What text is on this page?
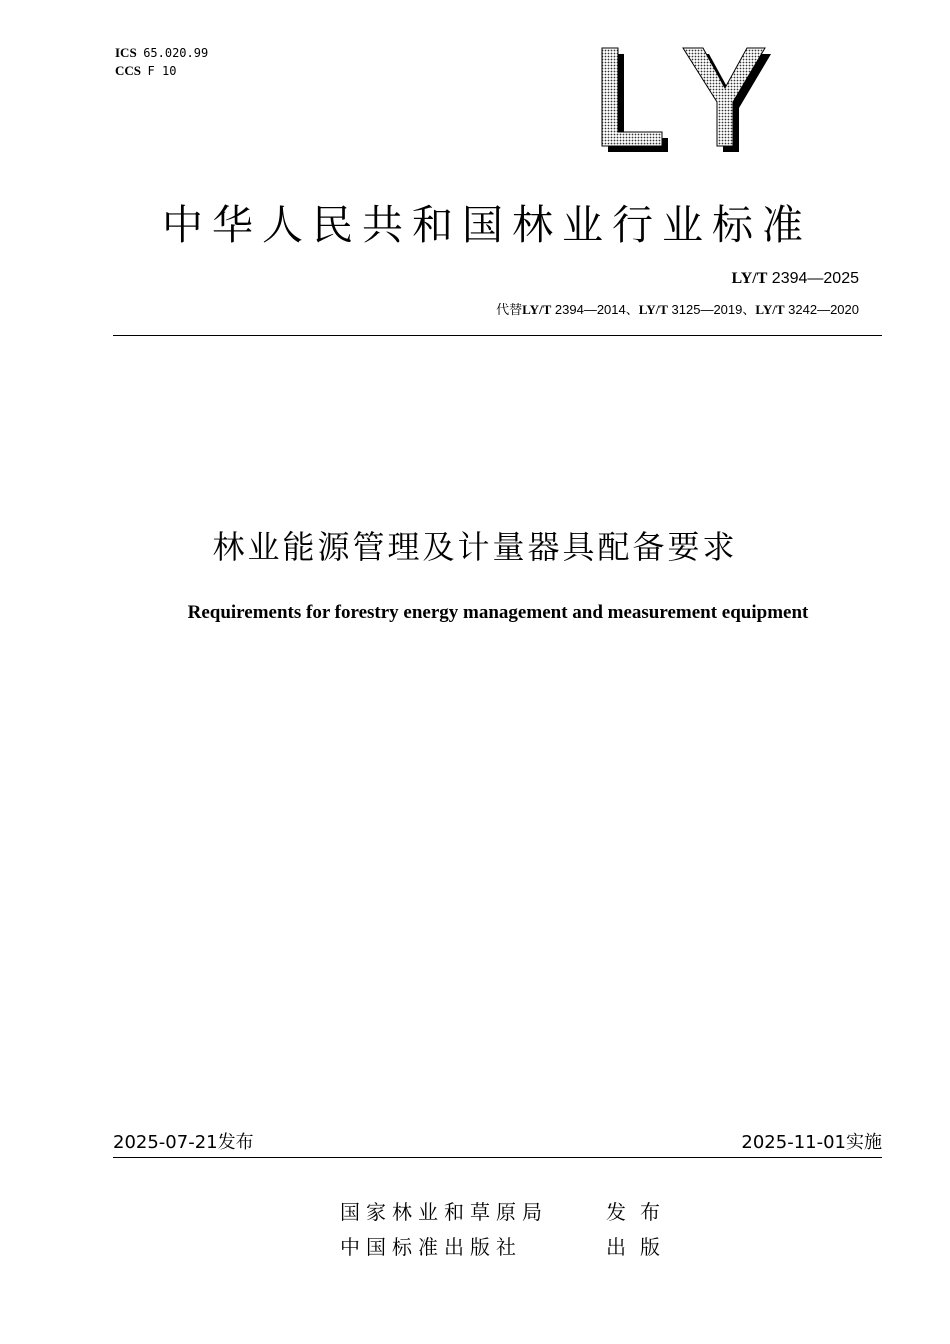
ICS 65.020.99
CCS F 10
中华人民共和国林业行业标准
LY/T 2394—2025
代替LY/T 2394—2014、LY/T 3125—2019、LY/T 3242—2020
林业能源管理及计量器具配备要求
Requirements for forestry energy management and measurement equipment
2025-07-21发布	2025-11-01实施
国家林业和草原局	发布
中国标准出版社	出版
